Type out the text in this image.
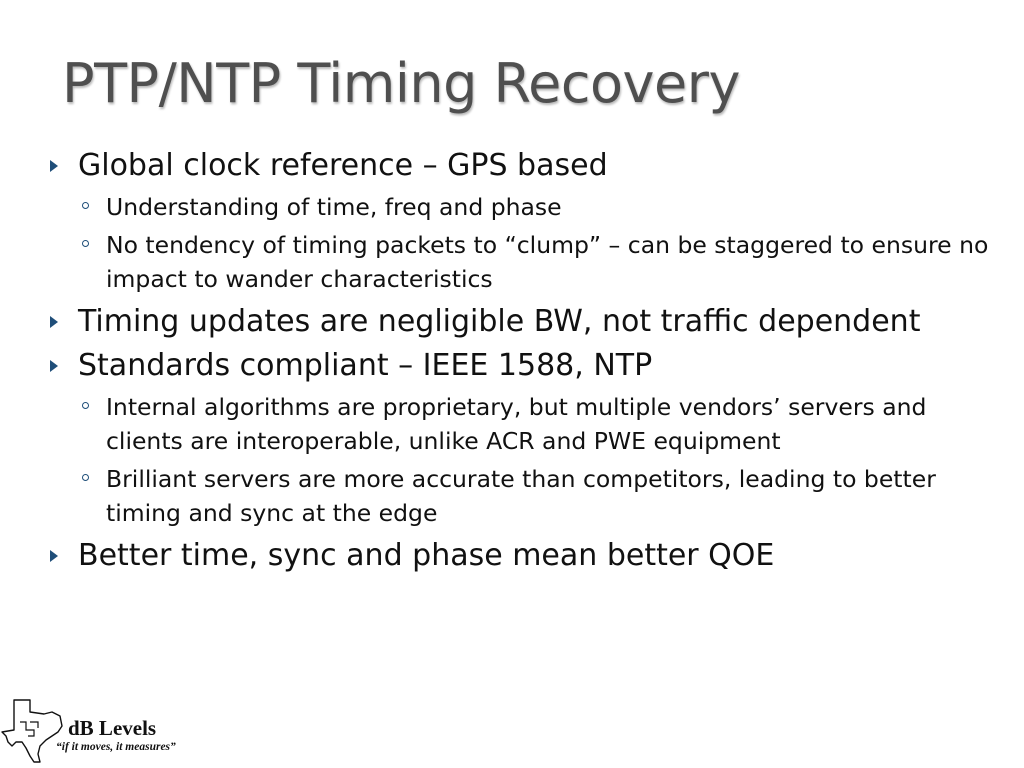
PTP/NTP Timing Recovery
Global clock reference – GPS based
Understanding of time, freq and phase
No tendency of timing packets to “clump” – can be staggered to ensure no impact to wander characteristics
Timing updates are negligible BW, not traffic dependent
Standards compliant – IEEE 1588, NTP
Internal algorithms are proprietary, but multiple vendors’ servers and clients are interoperable, unlike ACR and PWE equipment
Brilliant servers are more accurate than competitors, leading to better timing and sync at the edge
Better time, sync and phase mean better QOE
dB Levels
“if it moves, it measures”
